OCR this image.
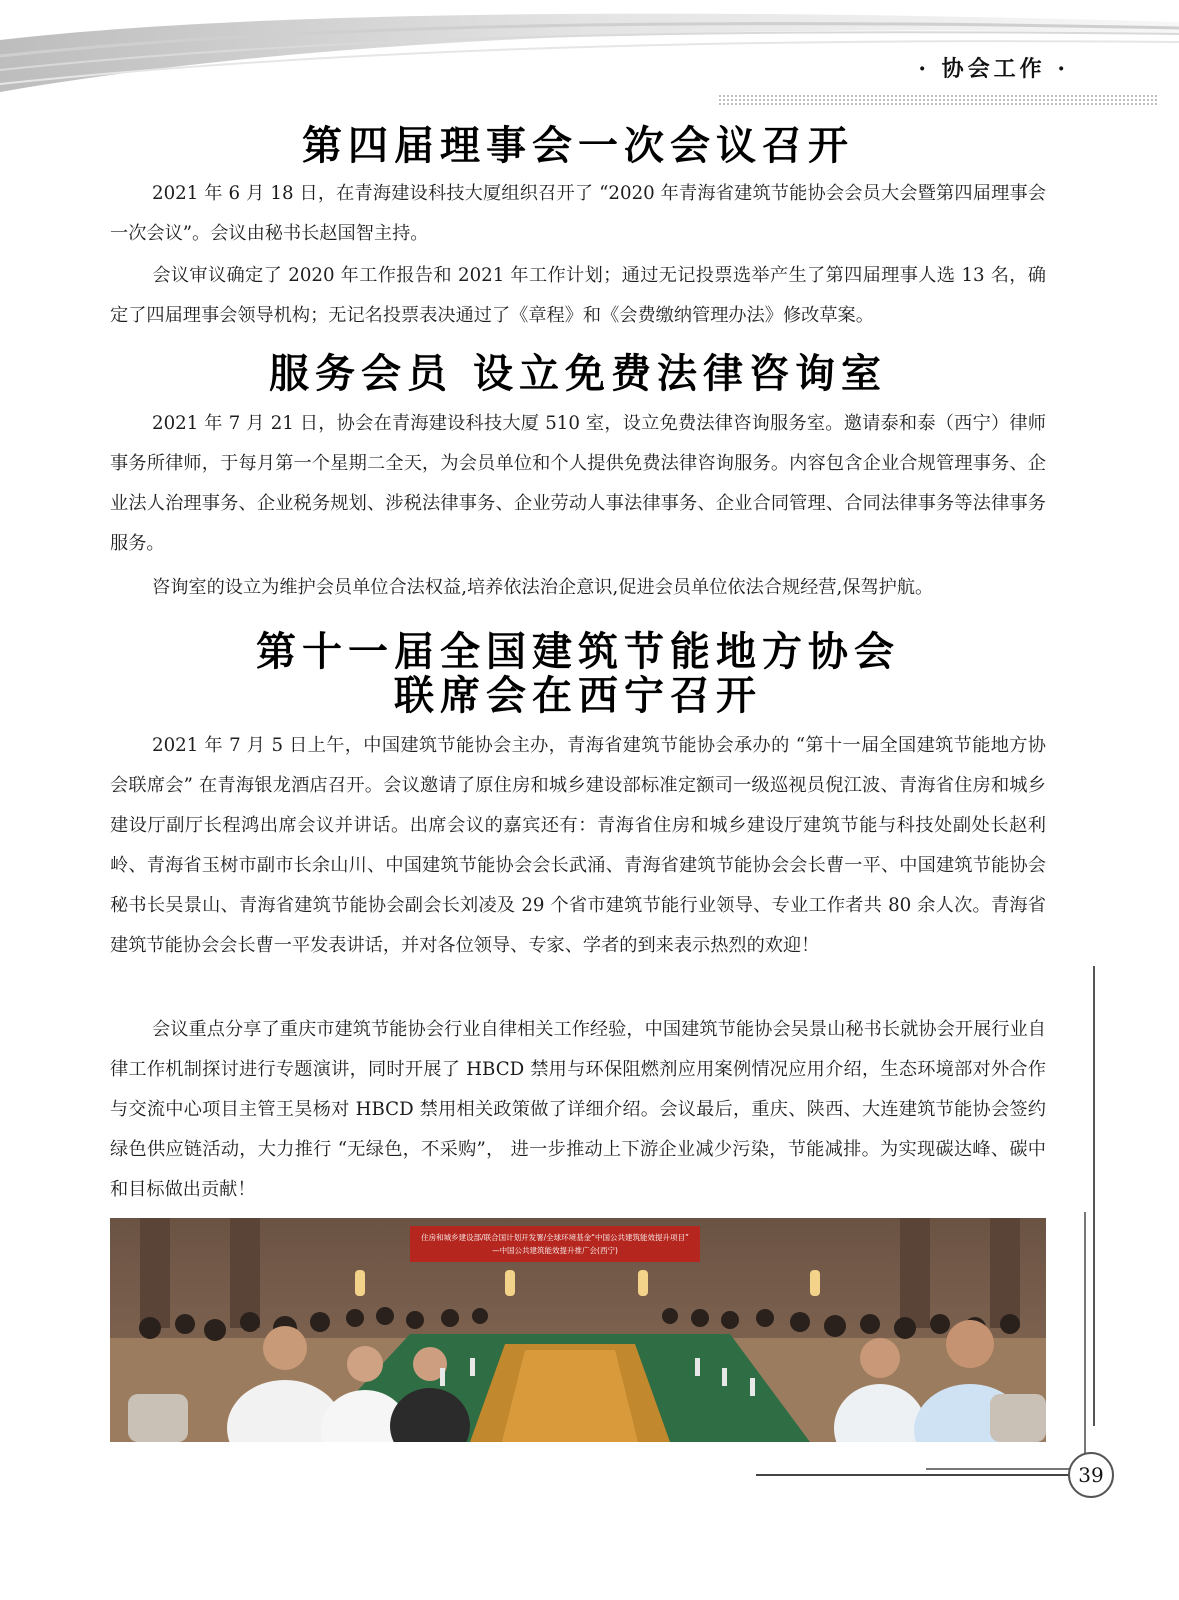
· 协会工作 ·
第四届理事会一次会议召开

2021 年 6 月 18 日，在青海建设科技大厦组织召开了 “2020 年青海省建筑节能协会会员大会暨第四届理事会一次会议”。会议由秘书长赵国智主持。

会议审议确定了 2020 年工作报告和 2021 年工作计划；通过无记投票选举产生了第四届理事人选 13 名，确定了四届理事会领导机构；无记名投票表决通过了《章程》和《会费缴纳管理办法》修改草案。

服务会员 设立免费法律咨询室

2021 年 7 月 21 日，协会在青海建设科技大厦 510 室，设立免费法律咨询服务室。邀请泰和泰（西宁）律师事务所律师，于每月第一个星期二全天，为会员单位和个人提供免费法律咨询服务。内容包含企业合规管理事务、企业法人治理事务、企业税务规划、涉税法律事务、企业劳动人事法律事务、企业合同管理、合同法律事务等法律事务服务。

咨询室的设立为维护会员单位合法权益,培养依法治企意识,促进会员单位依法合规经营,保驾护航。

第十一届全国建筑节能地方协会
联席会在西宁召开

2021 年 7 月 5 日上午，中国建筑节能协会主办，青海省建筑节能协会承办的 “第十一届全国建筑节能地方协会联席会” 在青海银龙酒店召开。会议邀请了原住房和城乡建设部标准定额司一级巡视员倪江波、青海省住房和城乡建设厅副厅长程鸿出席会议并讲话。出席会议的嘉宾还有：青海省住房和城乡建设厅建筑节能与科技处副处长赵利岭、青海省玉树市副市长余山川、中国建筑节能协会会长武涌、青海省建筑节能协会会长曹一平、中国建筑节能协会秘书长吴景山、青海省建筑节能协会副会长刘凌及 29 个省市建筑节能行业领导、专业工作者共 80 余人次。青海省建筑节能协会会长曹一平发表讲话，并对各位领导、专家、学者的到来表示热烈的欢迎！

会议重点分享了重庆市建筑节能协会行业自律相关工作经验，中国建筑节能协会吴景山秘书长就协会开展行业自律工作机制探讨进行专题演讲，同时开展了 HBCD 禁用与环保阻燃剂应用案例情况应用介绍，生态环境部对外合作与交流中心项目主管王昊杨对 HBCD 禁用相关政策做了详细介绍。会议最后，重庆、陕西、大连建筑节能协会签约绿色供应链活动，大力推行 “无绿色，不采购”， 进一步推动上下游企业减少污染，节能减排。为实现碳达峰、碳中和目标做出贡献！

住房和城乡建设部/联合国计划开发署/全球环境基金“中国公共建筑能效提升项目”
—中国公共建筑能效提升推广会(西宁)
39
